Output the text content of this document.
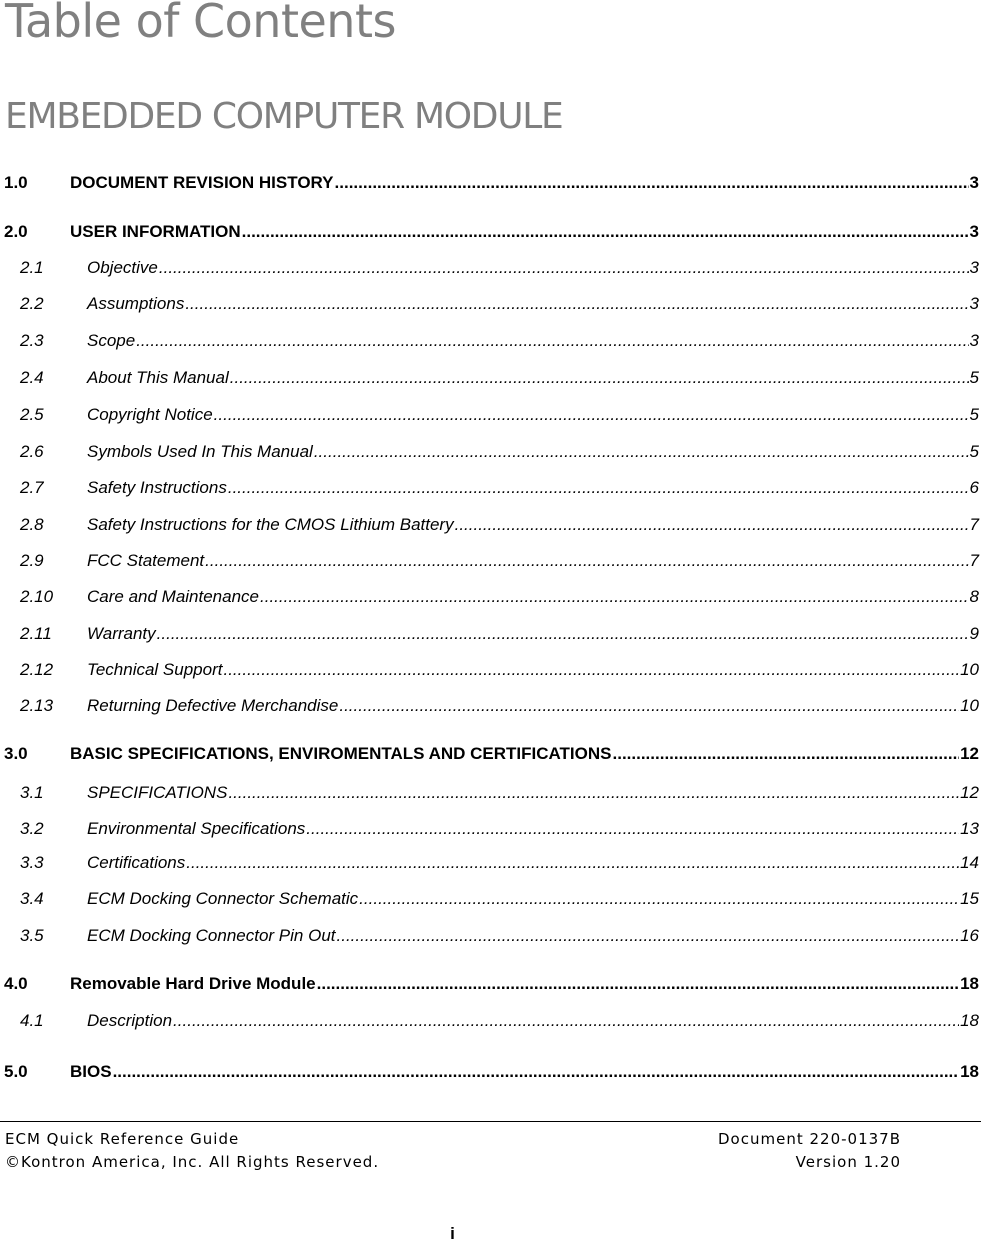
Table of Contents
EMBEDDED COMPUTER MODULE
1.0	DOCUMENT REVISION HISTORY .....	3
2.0	USER INFORMATION .....	3
2.1	Objective .....	3
2.2	Assumptions .....	3
2.3	Scope .....	3
2.4	About This Manual .....	5
2.5	Copyright Notice .....	5
2.6	Symbols Used In This Manual .....	5
2.7	Safety Instructions .....	6
2.8	Safety Instructions for the CMOS Lithium Battery .....	7
2.9	FCC Statement .....	7
2.10	Care and Maintenance .....	8
2.11	Warranty .....	9
2.12	Technical Support .....	10
2.13	Returning Defective Merchandise .....	10
3.0	BASIC SPECIFICATIONS, ENVIROMENTALS AND CERTIFICATIONS .....	12
3.1	SPECIFICATIONS .....	12
3.2	Environmental Specifications .....	13
3.3	Certifications .....	14
3.4	ECM Docking Connector Schematic .....	15
3.5	ECM Docking Connector Pin Out .....	16
4.0	Removable Hard Drive Module .....	18
4.1	Description .....	18
5.0	BIOS .....	18
ECM Quick Reference Guide
©Kontron America, Inc. All Rights Reserved.
Document 220-0137B
Version 1.20
i
